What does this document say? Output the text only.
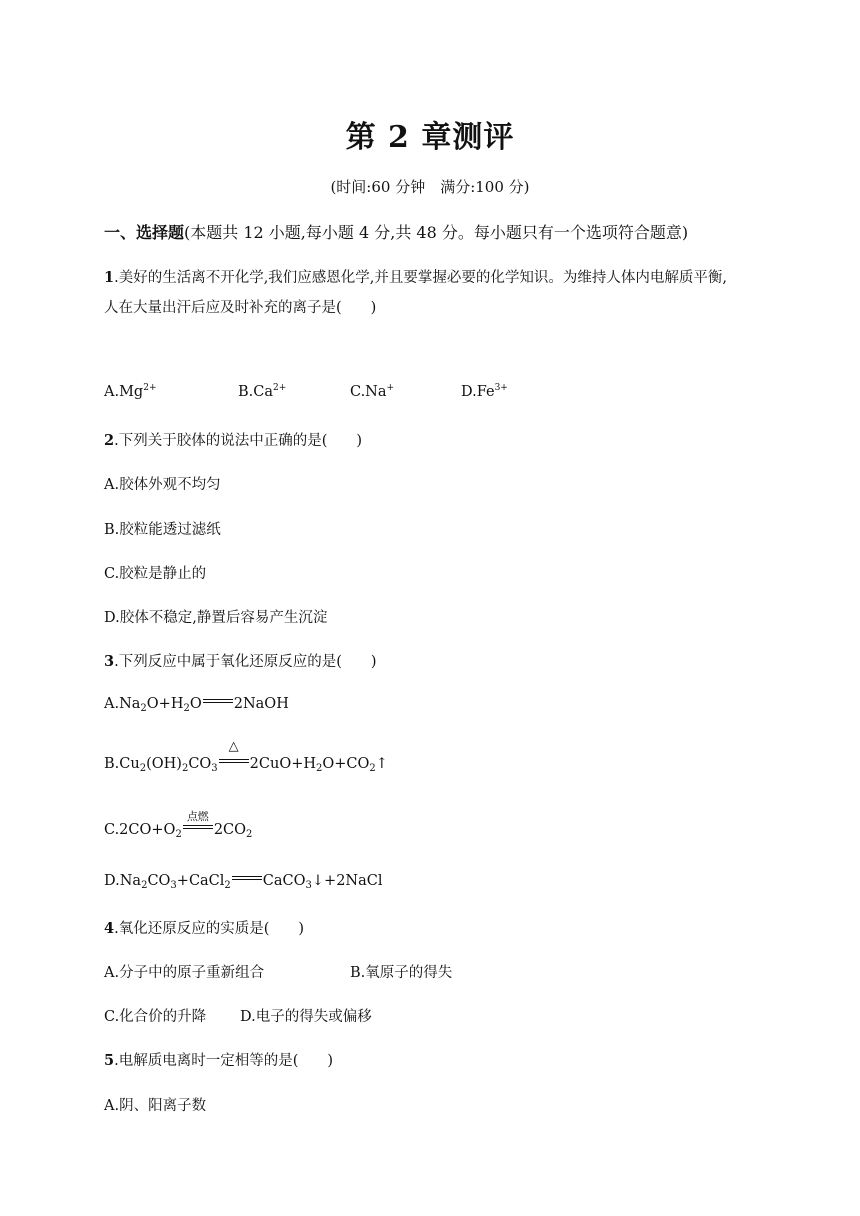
第 2 章测评
(时间:60 分钟　满分:100 分)
一、选择题(本题共 12 小题,每小题 4 分,共 48 分。每小题只有一个选项符合题意)
1.美好的生活离不开化学,我们应感恩化学,并且要掌握必要的化学知识。为维持人体内电解质平衡,
人在大量出汗后应及时补充的离子是(　　)
$A.Mg^{2+}$	$B.Ca^{2+}$	C.Na+	$D.Fe^{3+}$
2.下列关于胶体的说法中正确的是(　　)
A.胶体外观不均匀
B.胶粒能透过滤纸
C.胶粒是静止的
D.胶体不稳定,静置后容易产生沉淀
3.下列反应中属于氧化还原反应的是(　　)
$A.Na_2O+H_2O$ 2NaOH
$B.Cu_2(OH)_2CO_3$
△
$2CuO+H_2O+CO_2↑$
$C.2CO+O_2$
点燃
$2CO_2$
$D.Na_2CO_3+CaCl_2$ CaCO$_3$↓+2NaCl
4.氧化还原反应的实质是(　　)
A.分子中的原子重新组合	B.氧原子的得失
C.化合价的升降 D.电子的得失或偏移
5.电解质电离时一定相等的是(　　)
A.阴、阳离子数
